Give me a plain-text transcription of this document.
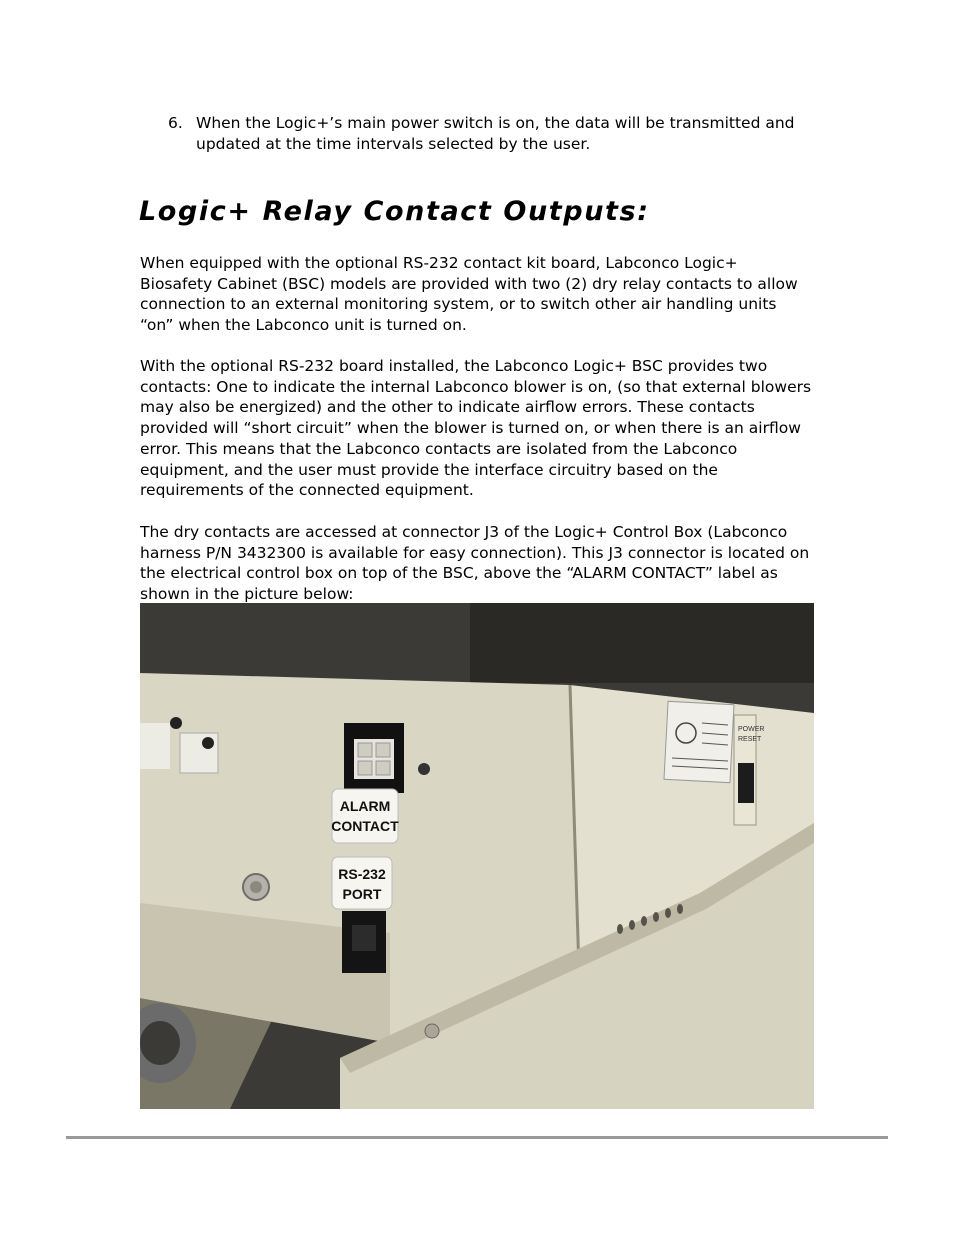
6. When the Logic+’s main power switch is on, the data will be transmitted and updated at the time intervals selected by the user.
Logic+ Relay Contact Outputs:

When equipped with the optional RS-232 contact kit board, Labconco Logic+ Biosafety Cabinet (BSC) models are provided with two (2) dry relay contacts to allow connection to an external monitoring system, or to switch other air handling units “on” when the Labconco unit is turned on.

With the optional RS-232 board installed, the Labconco Logic+ BSC provides two contacts: One to indicate the internal Labconco blower is on, (so that external blowers may also be energized) and the other to indicate airflow errors. These contacts provided will “short circuit” when the blower is turned on, or when there is an airflow error. This means that the Labconco contacts are isolated from the Labconco equipment, and the user must provide the interface circuitry based on the requirements of the connected equipment.

The dry contacts are accessed at connector J3 of the Logic+ Control Box (Labconco harness P/N 3432300 is available for easy connection). This J3 connector is located on the electrical control box on top of the BSC, above the “ALARM CONTACT” label as shown in the picture below:

POWER
RESET
ALARM
CONTACT
RS-232
PORT
